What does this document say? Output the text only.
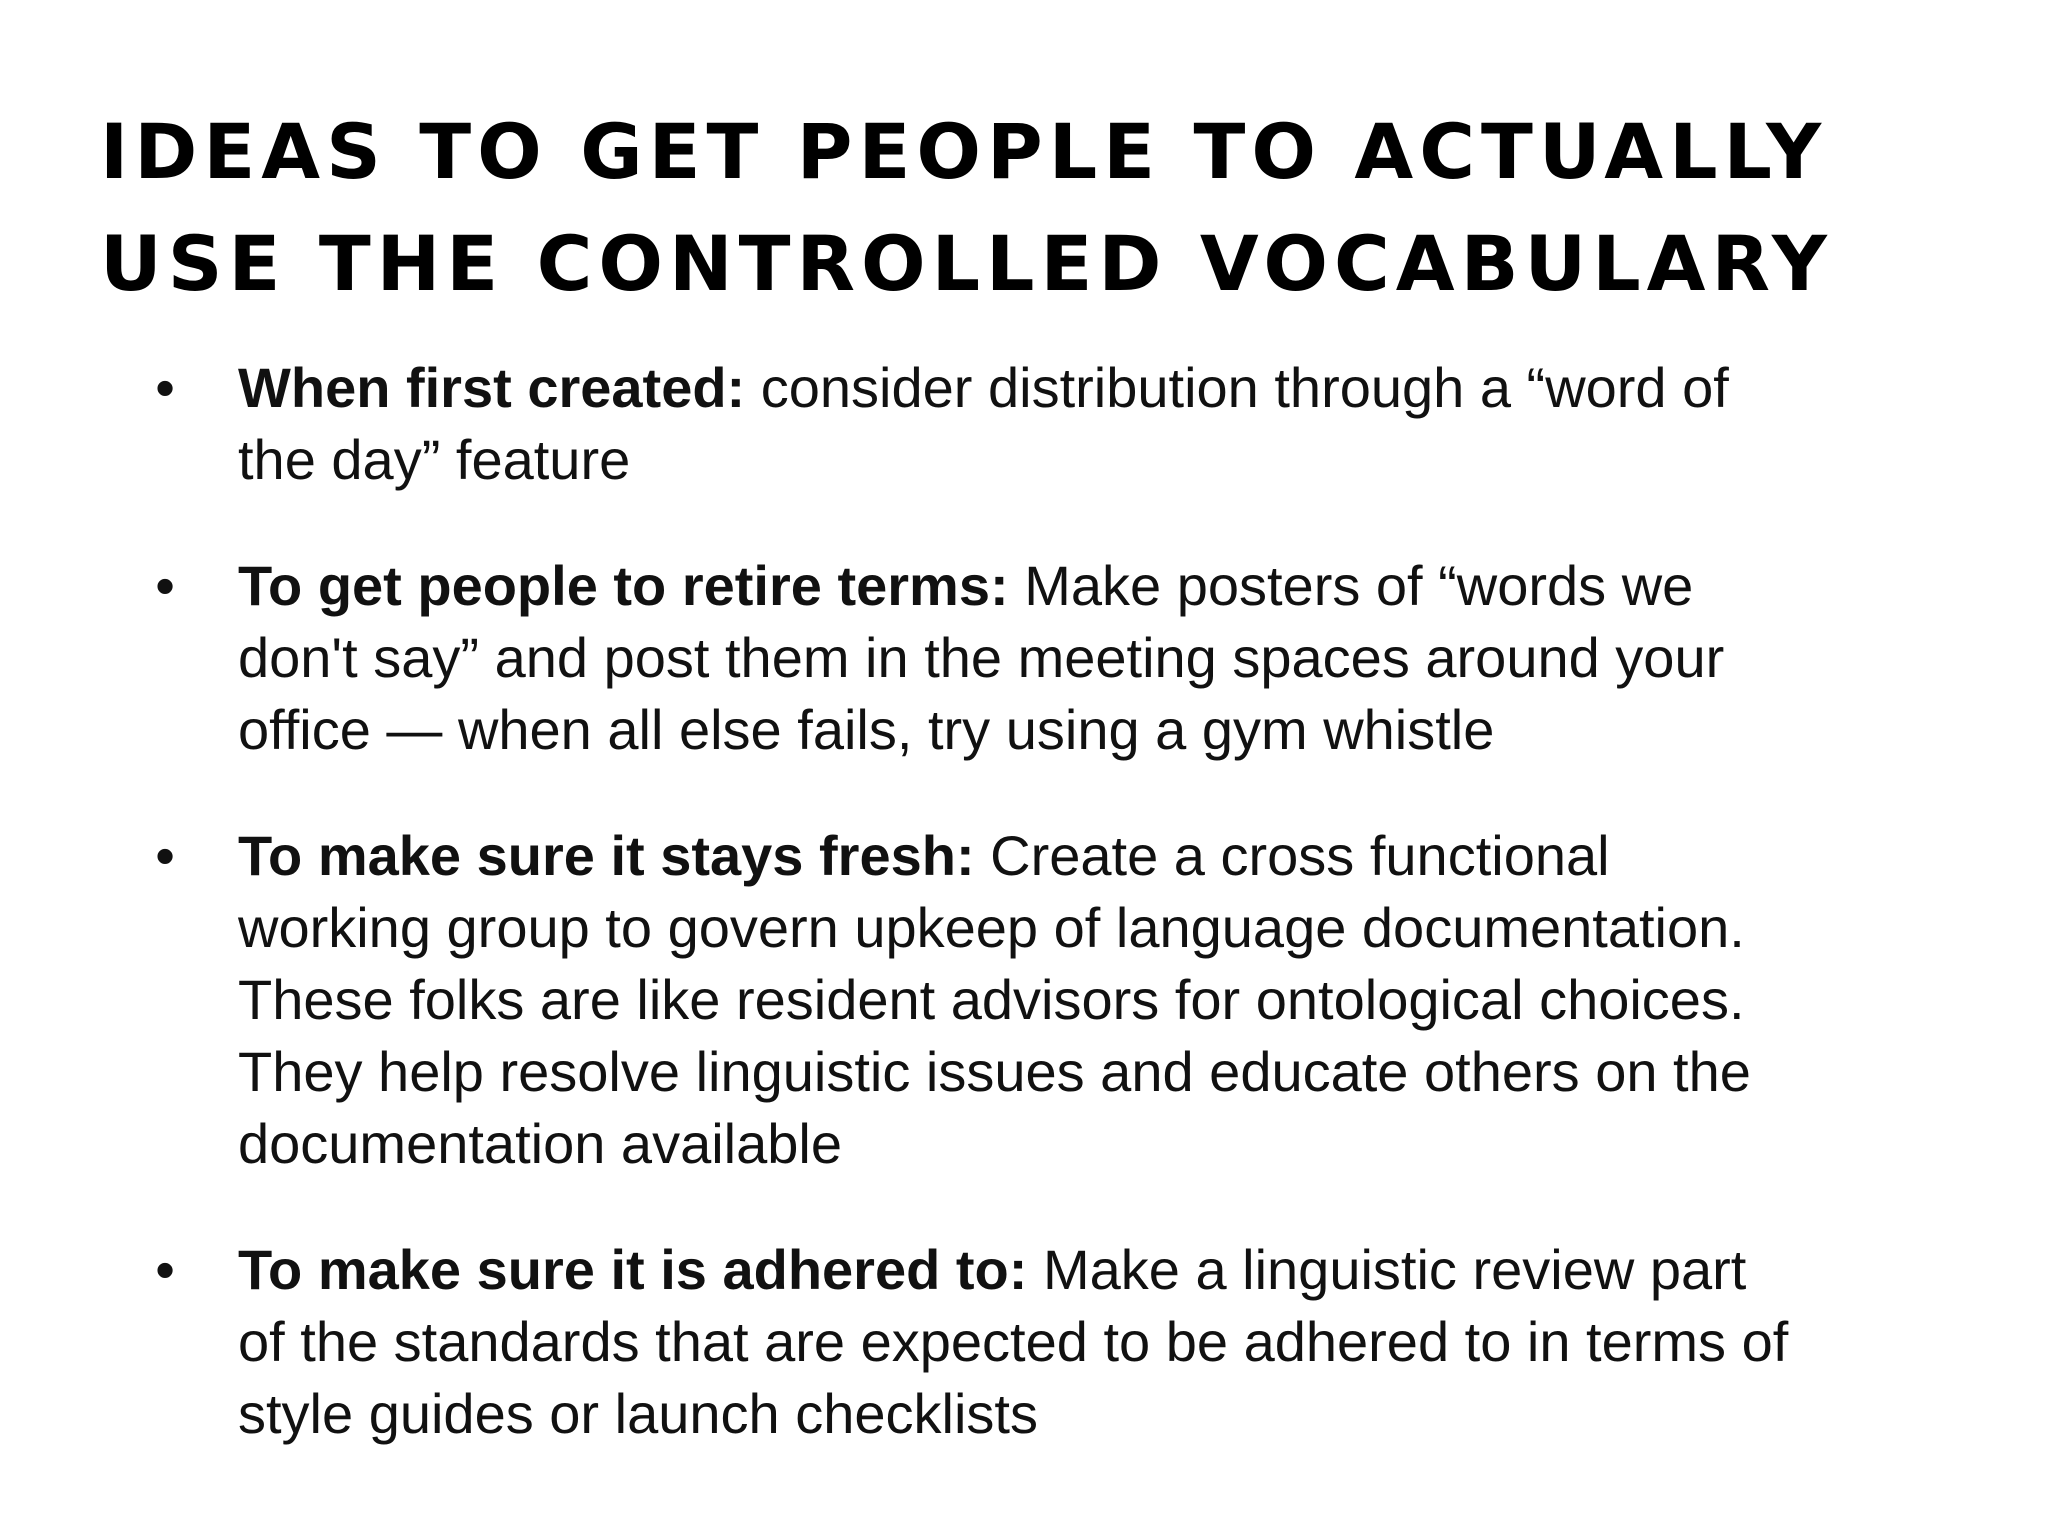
IDEAS TO GET PEOPLE TO ACTUALLY
USE THE CONTROLLED VOCABULARY
• When first created: consider distribution through a “word of
the day” feature
• To get people to retire terms: Make posters of “words we
don't say” and post them in the meeting spaces around your
office — when all else fails, try using a gym whistle
• To make sure it stays fresh: Create a cross functional
working group to govern upkeep of language documentation.
These folks are like resident advisors for ontological choices.
They help resolve linguistic issues and educate others on the
documentation available
• To make sure it is adhered to: Make a linguistic review part
of the standards that are expected to be adhered to in terms of
style guides or launch checklists
